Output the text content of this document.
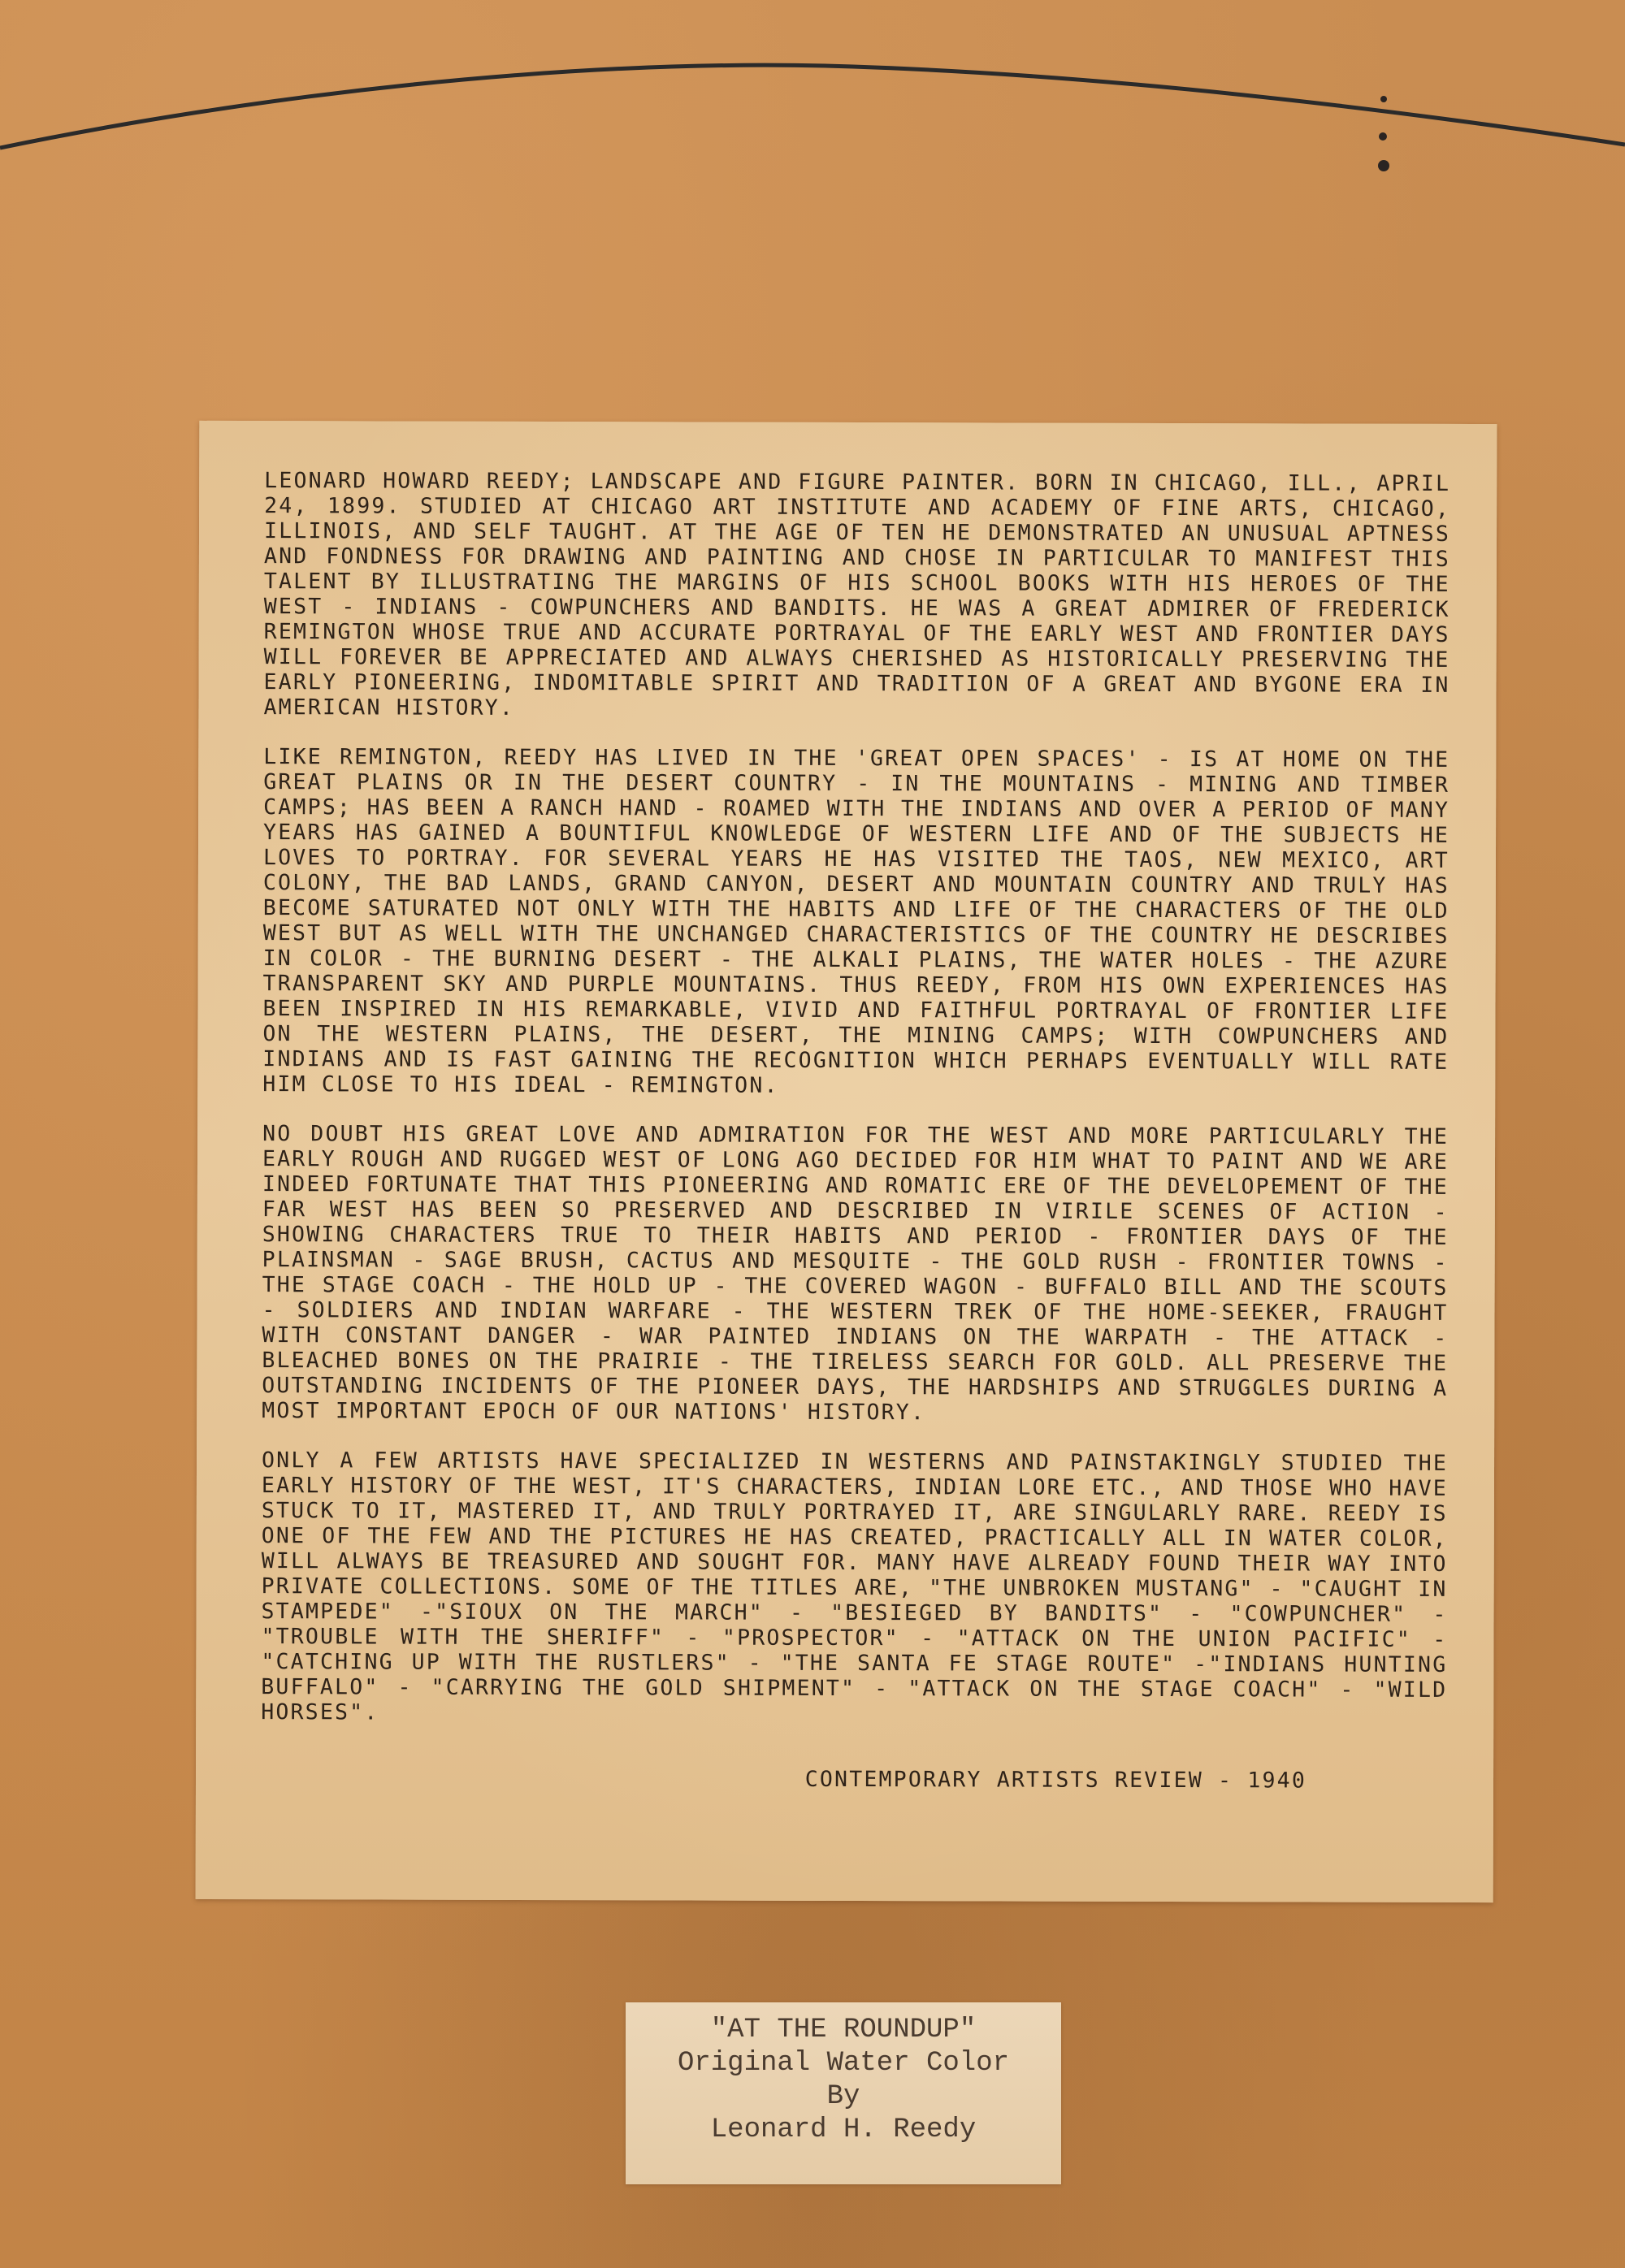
LEONARD HOWARD REEDY; LANDSCAPE AND FIGURE PAINTER. BORN IN CHICAGO, ILL., APRIL 24, 1899. STUDIED AT CHICAGO ART INSTITUTE AND ACADEMY OF FINE ARTS, CHICAGO, ILLINOIS, AND SELF TAUGHT. AT THE AGE OF TEN HE DEMONSTRATED AN UNUSUAL APTNESS AND FONDNESS FOR DRAWING AND PAINTING AND CHOSE IN PARTICULAR TO MANIFEST THIS TALENT BY ILLUSTRATING THE MARGINS OF HIS SCHOOL BOOKS WITH HIS HEROES OF THE WEST - INDIANS - COWPUNCHERS AND BANDITS. HE WAS A GREAT ADMIRER OF FREDERICK REMINGTON WHOSE TRUE AND ACCURATE PORTRAYAL OF THE EARLY WEST AND FRONTIER DAYS WILL FOREVER BE APPRECIATED AND ALWAYS CHERISHED AS HISTORICALLY PRESERVING THE EARLY PIONEERING, INDOMITABLE SPIRIT AND TRADITION OF A GREAT AND BYGONE ERA IN AMERICAN HISTORY.

LIKE REMINGTON, REEDY HAS LIVED IN THE 'GREAT OPEN SPACES' - IS AT HOME ON THE GREAT PLAINS OR IN THE DESERT COUNTRY - IN THE MOUNTAINS - MINING AND TIMBER CAMPS; HAS BEEN A RANCH HAND - ROAMED WITH THE INDIANS AND OVER A PERIOD OF MANY YEARS HAS GAINED A BOUNTIFUL KNOWLEDGE OF WESTERN LIFE AND OF THE SUBJECTS HE LOVES TO PORTRAY. FOR SEVERAL YEARS HE HAS VISITED THE TAOS, NEW MEXICO, ART COLONY, THE BAD LANDS, GRAND CANYON, DESERT AND MOUNTAIN COUNTRY AND TRULY HAS BECOME SATURATED NOT ONLY WITH THE HABITS AND LIFE OF THE CHARACTERS OF THE OLD WEST BUT AS WELL WITH THE UNCHANGED CHARACTERISTICS OF THE COUNTRY HE DESCRIBES IN COLOR - THE BURNING DESERT - THE ALKALI PLAINS, THE WATER HOLES - THE AZURE TRANSPARENT SKY AND PURPLE MOUNTAINS. THUS REEDY, FROM HIS OWN EXPERIENCES HAS BEEN INSPIRED IN HIS REMARKABLE, VIVID AND FAITHFUL PORTRAYAL OF FRONTIER LIFE ON THE WESTERN PLAINS, THE DESERT, THE MINING CAMPS; WITH COWPUNCHERS AND INDIANS AND IS FAST GAINING THE RECOGNITION WHICH PERHAPS EVENTUALLY WILL RATE HIM CLOSE TO HIS IDEAL - REMINGTON.

NO DOUBT HIS GREAT LOVE AND ADMIRATION FOR THE WEST AND MORE PARTICULARLY THE EARLY ROUGH AND RUGGED WEST OF LONG AGO DECIDED FOR HIM WHAT TO PAINT AND WE ARE INDEED FORTUNATE THAT THIS PIONEERING AND ROMATIC ERE OF THE DEVELOPEMENT OF THE FAR WEST HAS BEEN SO PRESERVED AND DESCRIBED IN VIRILE SCENES OF ACTION - SHOWING CHARACTERS TRUE TO THEIR HABITS AND PERIOD - FRONTIER DAYS OF THE PLAINSMAN - SAGE BRUSH, CACTUS AND MESQUITE - THE GOLD RUSH - FRONTIER TOWNS - THE STAGE COACH - THE HOLD UP - THE COVERED WAGON - BUFFALO BILL AND THE SCOUTS - SOLDIERS AND INDIAN WARFARE - THE WESTERN TREK OF THE HOME-SEEKER, FRAUGHT WITH CONSTANT DANGER - WAR PAINTED INDIANS ON THE WARPATH - THE ATTACK - BLEACHED BONES ON THE PRAIRIE - THE TIRELESS SEARCH FOR GOLD. ALL PRESERVE THE OUTSTANDING INCIDENTS OF THE PIONEER DAYS, THE HARDSHIPS AND STRUGGLES DURING A MOST IMPORTANT EPOCH OF OUR NATIONS' HISTORY.

ONLY A FEW ARTISTS HAVE SPECIALIZED IN WESTERNS AND PAINSTAKINGLY STUDIED THE EARLY HISTORY OF THE WEST, IT'S CHARACTERS, INDIAN LORE ETC., AND THOSE WHO HAVE STUCK TO IT, MASTERED IT, AND TRULY PORTRAYED IT, ARE SINGULARLY RARE. REEDY IS ONE OF THE FEW AND THE PICTURES HE HAS CREATED, PRACTICALLY ALL IN WATER COLOR, WILL ALWAYS BE TREASURED AND SOUGHT FOR. MANY HAVE ALREADY FOUND THEIR WAY INTO PRIVATE COLLECTIONS. SOME OF THE TITLES ARE, "THE UNBROKEN MUSTANG" - "CAUGHT IN STAMPEDE" -"SIOUX ON THE MARCH" - "BESIEGED BY BANDITS" - "COWPUNCHER" - "TROUBLE WITH THE SHERIFF" - "PROSPECTOR" - "ATTACK ON THE UNION PACIFIC" - "CATCHING UP WITH THE RUSTLERS" - "THE SANTA FE STAGE ROUTE" -"INDIANS HUNTING BUFFALO" - "CARRYING THE GOLD SHIPMENT" - "ATTACK ON THE STAGE COACH" - "WILD HORSES".

CONTEMPORARY ARTISTS REVIEW - 1940
"AT THE ROUNDUP"
Original Water Color
By
Leonard H. Reedy
